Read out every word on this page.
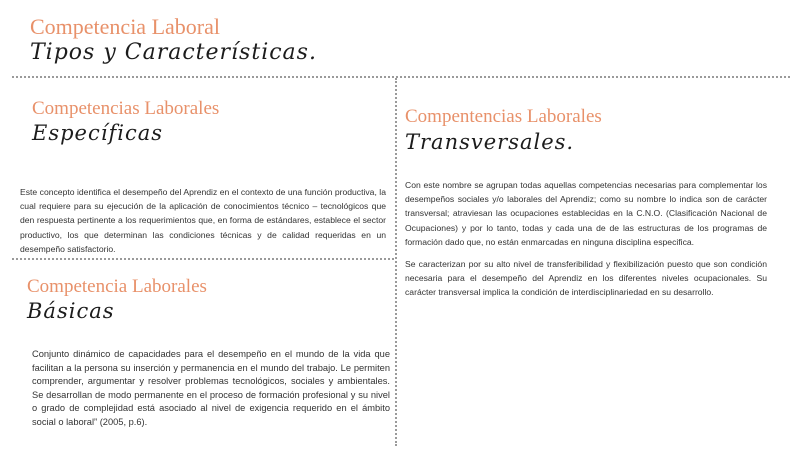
Competencia Laboral
Tipos y Características.
Competencias Laborales
Específicas
Este concepto identifica el desempeño del Aprendiz en el contexto de una función productiva, la cual requiere para su ejecución de la aplicación de conocimientos técnico – tecnológicos que den respuesta pertinente a los requerimientos que, en forma de estándares, establece el sector productivo, los que determinan las condiciones técnicas y de calidad requeridas en un desempeño satisfactorio.
Competencia Laborales
Básicas
Conjunto dinámico de capacidades para el desempeño en el mundo de la vida que facilitan a la persona su inserción y permanencia en el mundo del trabajo. Le permiten comprender, argumentar y resolver problemas tecnológicos, sociales y ambientales. Se desarrollan de modo permanente en el proceso de formación profesional y su nivel o grado de complejidad está asociado al nivel de exigencia requerido en el ámbito social o laboral” (2005, p.6).
Compentencias Laborales
Transversales.

Con este nombre se agrupan todas aquellas competencias necesarias para complementar los desempeños sociales y/o laborales del Aprendiz; como su nombre lo indica son de carácter transversal; atraviesan las ocupaciones establecidas en la C.N.O. (Clasificación Nacional de Ocupaciones) y por lo tanto, todas y cada una de de las estructuras de los programas de formación dado que, no están enmarcadas en ninguna disciplina especifica.

Se caracterizan por su alto nivel de transferibilidad y flexibilización puesto que son condición necesaria para el desempeño del Aprendiz en los diferentes niveles ocupacionales. Su carácter transversal implica la condición de interdisciplinariedad en su desarrollo.
